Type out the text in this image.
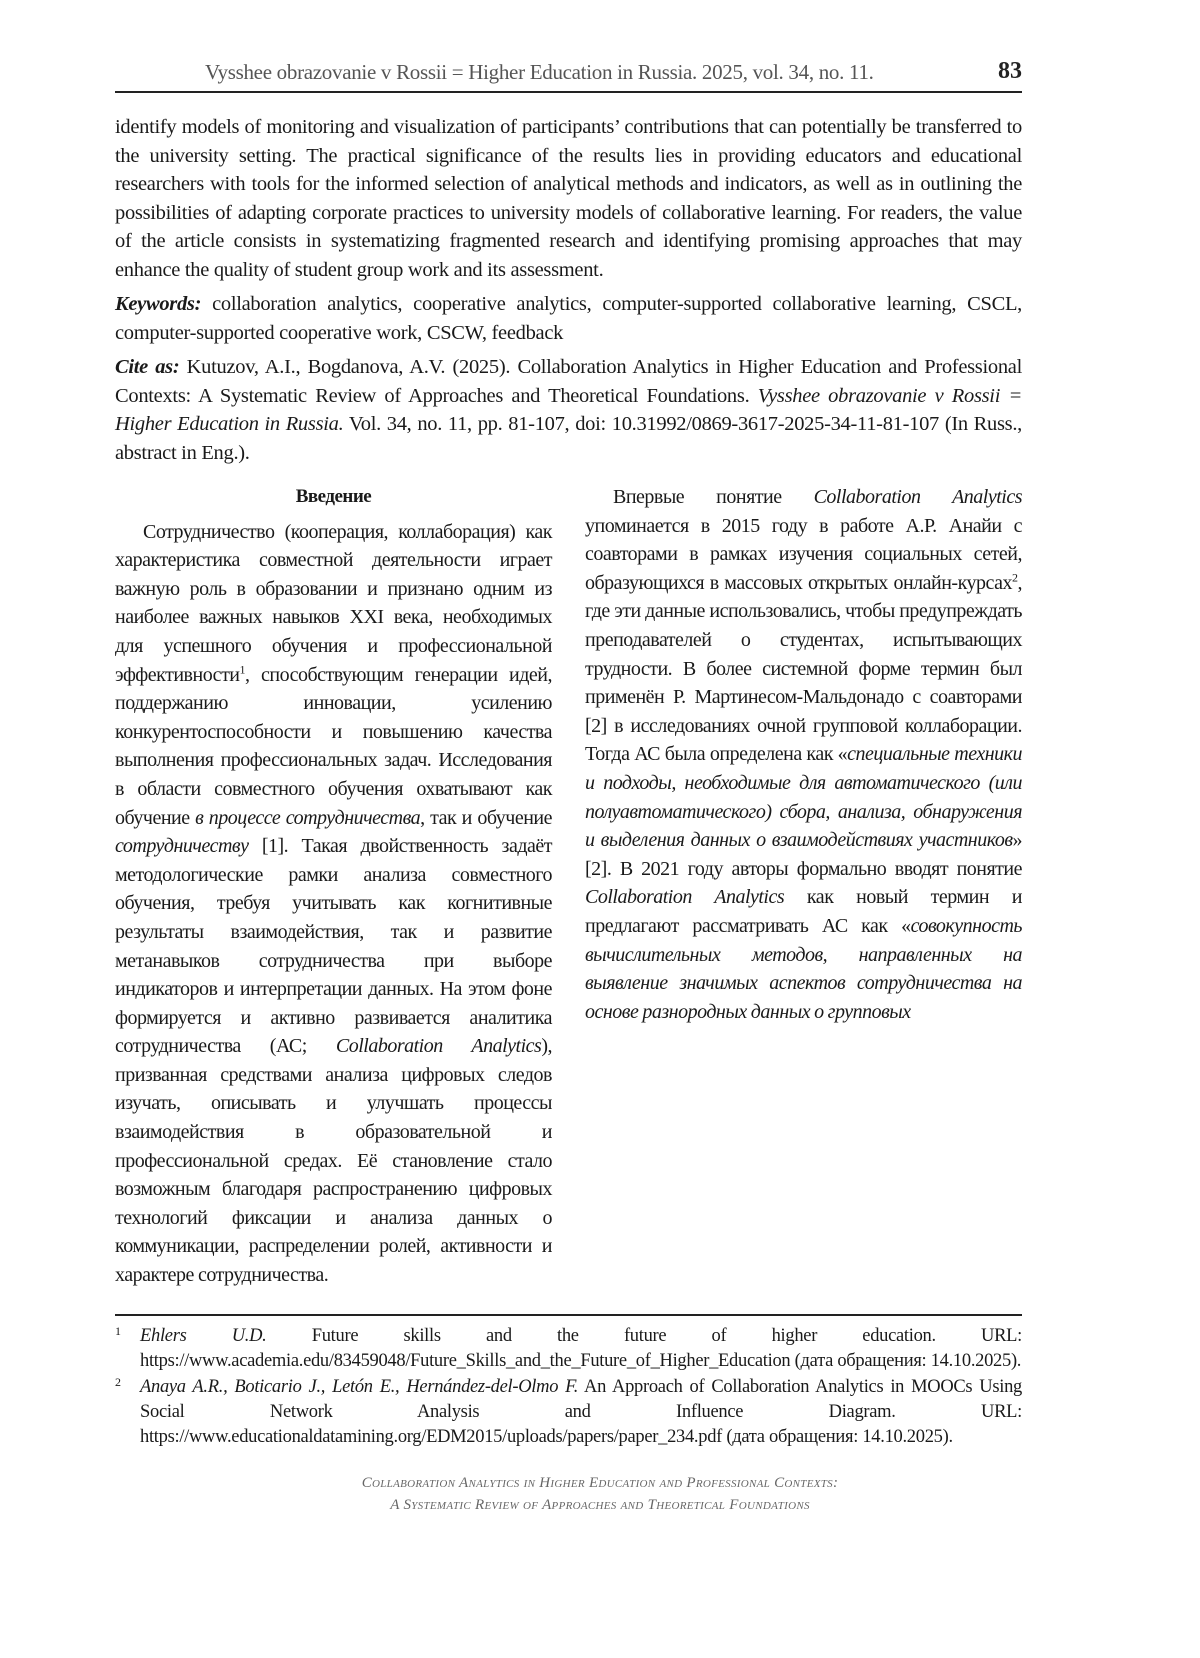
Vysshee obrazovanie v Rossii = Higher Education in Russia. 2025, vol. 34, no. 11.	83

identify models of monitoring and visualization of participants’ contributions that can potentially be transferred to the university setting. The practical significance of the results lies in providing educators and educational researchers with tools for the informed selection of analytical methods and indicators, as well as in outlining the possibilities of adapting corporate practices to university models of collaborative learning. For readers, the value of the article consists in systematizing fragmented research and identifying promising approaches that may enhance the quality of student group work and its assessment.

Keywords: collaboration analytics, cooperative analytics, computer-supported collaborative learning, CSCL, computer-supported cooperative work, CSCW, feedback

Cite as: Kutuzov, A.I., Bogdanova, A.V. (2025). Collaboration Analytics in Higher Education and Professional Contexts: A Systematic Review of Approaches and Theoretical Foundations. Vysshee obrazovanie v Rossii = Higher Education in Russia. Vol. 34, no. 11, pp. 81-107, doi: 10.31992/0869-3617-2025-34-11-81-107 (In Russ., abstract in Eng.).

Введение

Сотрудничество (кооперация, коллаборация) как характеристика совместной деятельности играет важную роль в образовании и признано одним из наиболее важных навыков XXI века, необходимых для успешного обучения и профессиональной эффективности$^1$, способствующим генерации идей, поддержанию инновации, усилению конкурентоспособности и повышению качества выполнения профессиональных задач. Исследования в области совместного обучения охватывают как обучение в процессе сотрудничества, так и обучение сотрудничеству [1]. Такая двойственность задаёт методологические рамки анализа совместного обучения, требуя учитывать как когнитивные результаты взаимодействия, так и развитие метанавыков сотрудничества при выборе индикаторов и интерпретации данных. На этом фоне формируется и активно развивается аналитика сотрудничества (АС; Collaboration Analytics), призванная средствами анализа цифровых следов изучать, описывать и улучшать процессы взаимодействия в образовательной и профессиональной средах. Её становление стало возможным благодаря распространению цифровых технологий фиксации и анализа данных о коммуникации, распределении ролей, активности и характере сотрудничества.

Впервые понятие Collaboration Analytics упоминается в 2015 году в работе А.Р. Анайи с соавторами в рамках изучения социальных сетей, образующихся в массовых открытых онлайн-курсах$^2$, где эти данные использовались, чтобы предупреждать преподавателей о студентах, испытывающих трудности. В более системной форме термин был применён Р. Мартинесом-Мальдонадо с соавторами [2] в исследованиях очной групповой коллаборации. Тогда АС была определена как «специальные техники и подходы, необходимые для автоматического (или полуавтоматического) сбора, анализа, обнаружения и выделения данных о взаимодействиях участников» [2]. В 2021 году авторы формально вводят понятие Collaboration Analytics как новый термин и предлагают рассматривать АС как «совокупность вычислительных методов, направленных на выявление значимых аспектов сотрудничества на основе разнородных данных о групповых

1 Ehlers U.D. Future skills and the future of higher education. URL: https://www.academia.edu/83459048/Future_Skills_and_the_Future_of_Higher_Education (дата обращения: 14.10.2025).
2 Anaya A.R., Boticario J., Letón E., Hernández-del-Olmo F. An Approach of Collaboration Analytics in MOOCs Using Social Network Analysis and Influence Diagram. URL: https://www.educationaldatamining.org/EDM2015/uploads/papers/paper_234.pdf (дата обращения: 14.10.2025).
Collaboration Analytics in Higher Education and Professional Contexts:
A Systematic Review of Approaches and Theoretical Foundations
